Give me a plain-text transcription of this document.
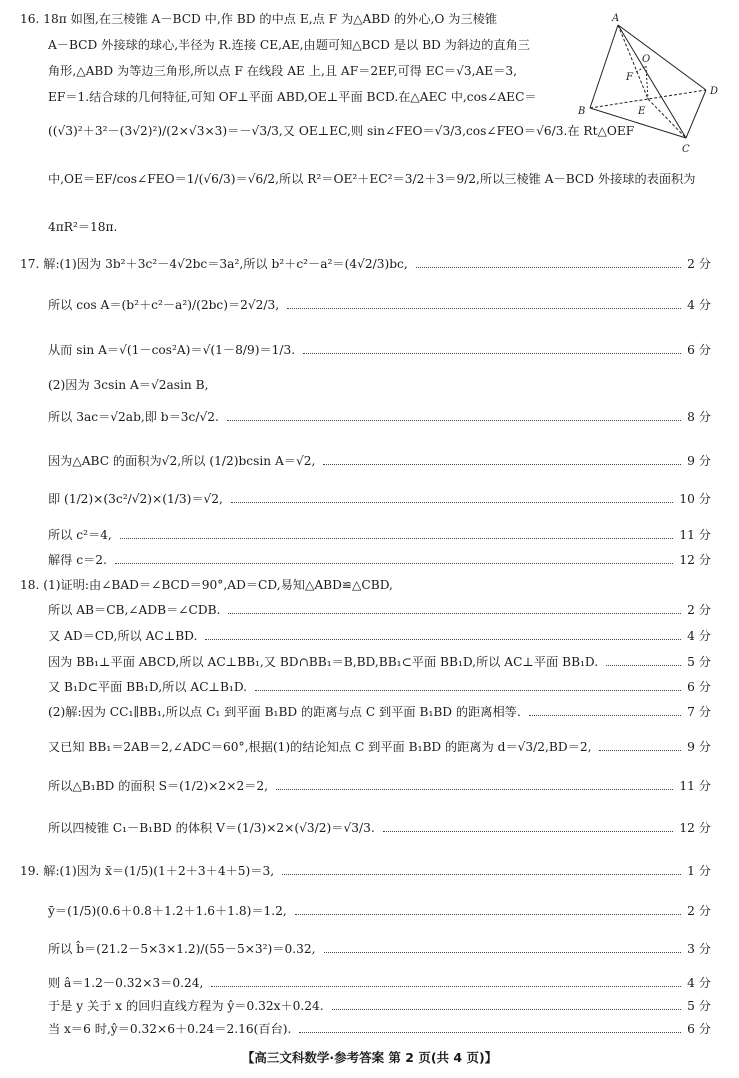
16. 18π 如图,在三棱锥 A－BCD 中,作 BD 的中点 E,点 F 为△ABD 的外心,O 为三棱锥
A－BCD 外接球的球心,半径为 R.连接 CE,AE,由题可知△BCD 是以 BD 为斜边的直角三
角形,△ABD 为等边三角形,所以点 F 在线段 AE 上,且 AF＝2EF,可得 EC＝√3,AE＝3,
EF＝1.结合球的几何特征,可知 OF⊥平面 ABD,OE⊥平面 BCD.在△AEC 中,cos∠AEC＝
((√3)²＋3²－(3√2)²)/(2×√3×3)＝－√3/3,又 OE⊥EC,则 sin∠FEO＝√3/3,cos∠FEO＝√6/3.在 Rt△OEF
中,OE＝EF/cos∠FEO＝1/(√6/3)＝√6/2,所以 R²＝OE²＋EC²＝3/2＋3＝9/2,所以三棱锥 A－BCD 外接球的表面积为
4πR²＝18π.
A
O
F
B	E
D
C
17. 解:(1)因为 3b²＋3c²－4√2bc＝3a²,所以 b²＋c²－a²＝(4√2/3)bc,	2 分
所以 cos A＝(b²＋c²－a²)/(2bc)＝2√2/3,	4 分
从而 sin A＝√(1－cos²A)＝√(1－8/9)＝1/3.	6 分
(2)因为 3csin A＝√2asin B,
所以 3ac＝√2ab,即 b＝3c/√2.	8 分
因为△ABC 的面积为√2,所以 (1/2)bcsin A＝√2,	9 分
即 (1/2)×(3c²/√2)×(1/3)＝√2,	10 分
所以 c²＝4,	11 分
解得 c＝2.	12 分
18. (1)证明:由∠BAD＝∠BCD＝90°,AD＝CD,易知△ABD≌△CBD,
所以 AB＝CB,∠ADB＝∠CDB.	2 分
又 AD＝CD,所以 AC⊥BD.	4 分
因为 BB₁⊥平面 ABCD,所以 AC⊥BB₁,又 BD∩BB₁＝B,BD,BB₁⊂平面 BB₁D,所以 AC⊥平面 BB₁D.	5 分
又 B₁D⊂平面 BB₁D,所以 AC⊥B₁D.	6 分
(2)解:因为 CC₁∥BB₁,所以点 C₁ 到平面 B₁BD 的距离与点 C 到平面 B₁BD 的距离相等.	7 分
又已知 BB₁＝2AB＝2,∠ADC＝60°,根据(1)的结论知点 C 到平面 B₁BD 的距离为 d＝√3/2,BD＝2,	9 分
所以△B₁BD 的面积 S＝(1/2)×2×2＝2,	11 分
所以四棱锥 C₁－B₁BD 的体积 V＝(1/3)×2×(√3/2)＝√3/3.	12 分
19. 解:(1)因为 x̄＝(1/5)(1＋2＋3＋4＋5)＝3,	1 分
ȳ＝(1/5)(0.6＋0.8＋1.2＋1.6＋1.8)＝1.2,	2 分
所以 b̂＝(21.2－5×3×1.2)/(55－5×3²)＝0.32,	3 分
则 â＝1.2－0.32×3＝0.24,	4 分
于是 y 关于 x 的回归直线方程为 ŷ＝0.32x＋0.24.	5 分
当 x＝6 时,ŷ＝0.32×6＋0.24＝2.16(百台).	6 分
【高三文科数学·参考答案 第 2 页(共 4 页)】
